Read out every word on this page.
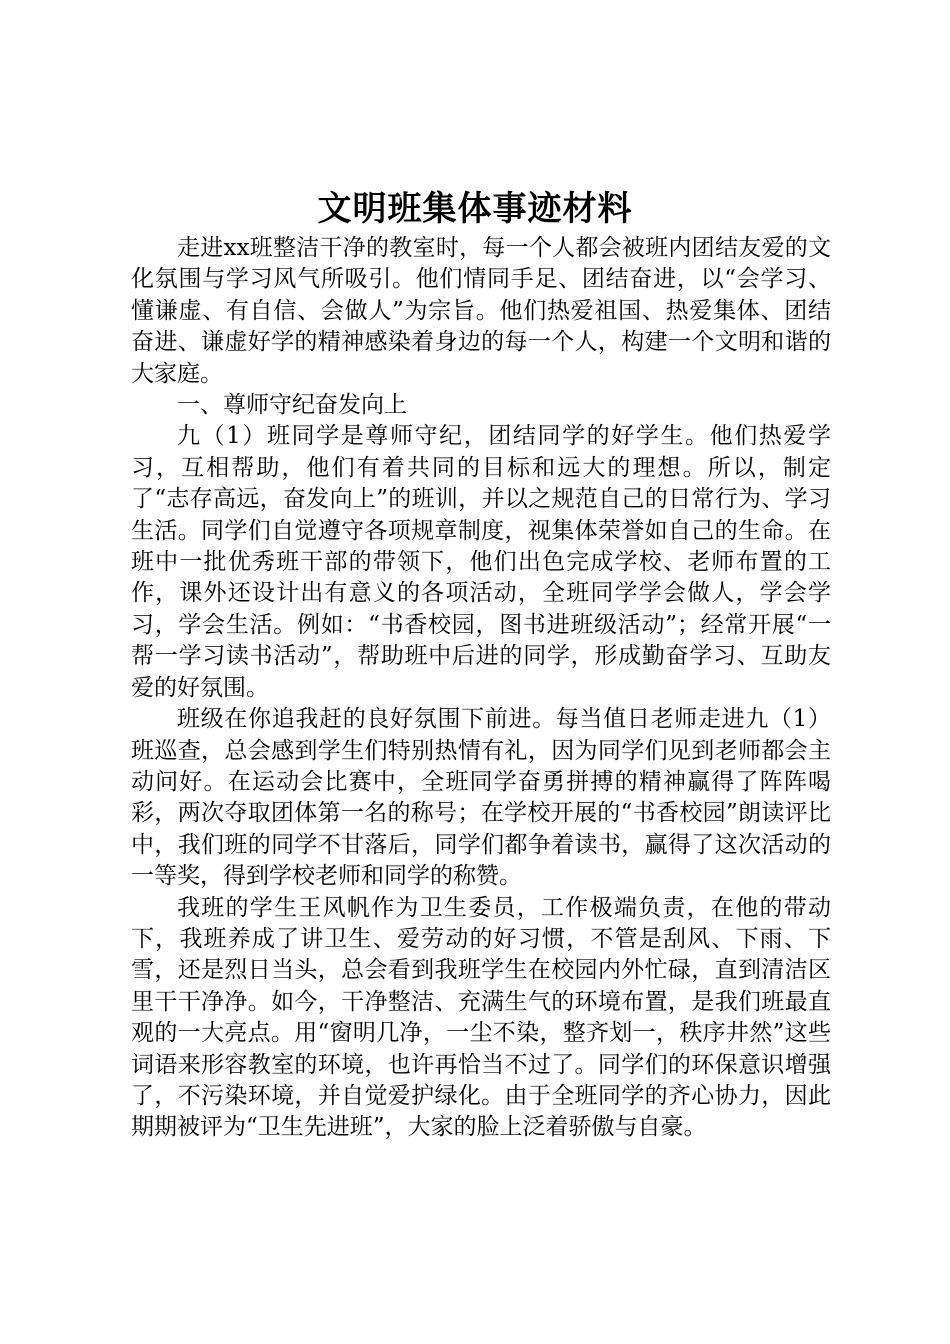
文明班集体事迹材料

走进xx班整洁干净的教室时，每一个人都会被班内团结友爱的文化氛围与学习风气所吸引。他们情同手足、团结奋进，以“会学习、懂谦虚、有自信、会做人”为宗旨。他们热爱祖国、热爱集体、团结奋进、谦虚好学的精神感染着身边的每一个人，构建一个文明和谐的大家庭。

一、尊师守纪奋发向上

九（1）班同学是尊师守纪，团结同学的好学生。他们热爱学习，互相帮助，他们有着共同的目标和远大的理想。所以，制定了“志存高远，奋发向上”的班训，并以之规范自己的日常行为、学习生活。同学们自觉遵守各项规章制度，视集体荣誉如自己的生命。在班中一批优秀班干部的带领下，他们出色完成学校、老师布置的工作，课外还设计出有意义的各项活动，全班同学学会做人，学会学习，学会生活。例如：“书香校园，图书进班级活动”；经常开展“一帮一学习读书活动”，帮助班中后进的同学，形成勤奋学习、互助友爱的好氛围。

班级在你追我赶的良好氛围下前进。每当值日老师走进九（1）班巡查，总会感到学生们特别热情有礼，因为同学们见到老师都会主动问好。在运动会比赛中，全班同学奋勇拼搏的精神赢得了阵阵喝彩，两次夺取团体第一名的称号；在学校开展的“书香校园”朗读评比中，我们班的同学不甘落后，同学们都争着读书，赢得了这次活动的一等奖，得到学校老师和同学的称赞。

我班的学生王风帆作为卫生委员，工作极端负责，在他的带动下，我班养成了讲卫生、爱劳动的好习惯，不管是刮风、下雨、下雪，还是烈日当头，总会看到我班学生在校园内外忙碌，直到清洁区里干干净净。如今，干净整洁、充满生气的环境布置，是我们班最直观的一大亮点。用“窗明几净，一尘不染，整齐划一，秩序井然”这些词语来形容教室的环境，也许再恰当不过了。同学们的环保意识增强了，不污染环境，并自觉爱护绿化。由于全班同学的齐心协力，因此期期被评为“卫生先进班”，大家的脸上泛着骄傲与自豪。
